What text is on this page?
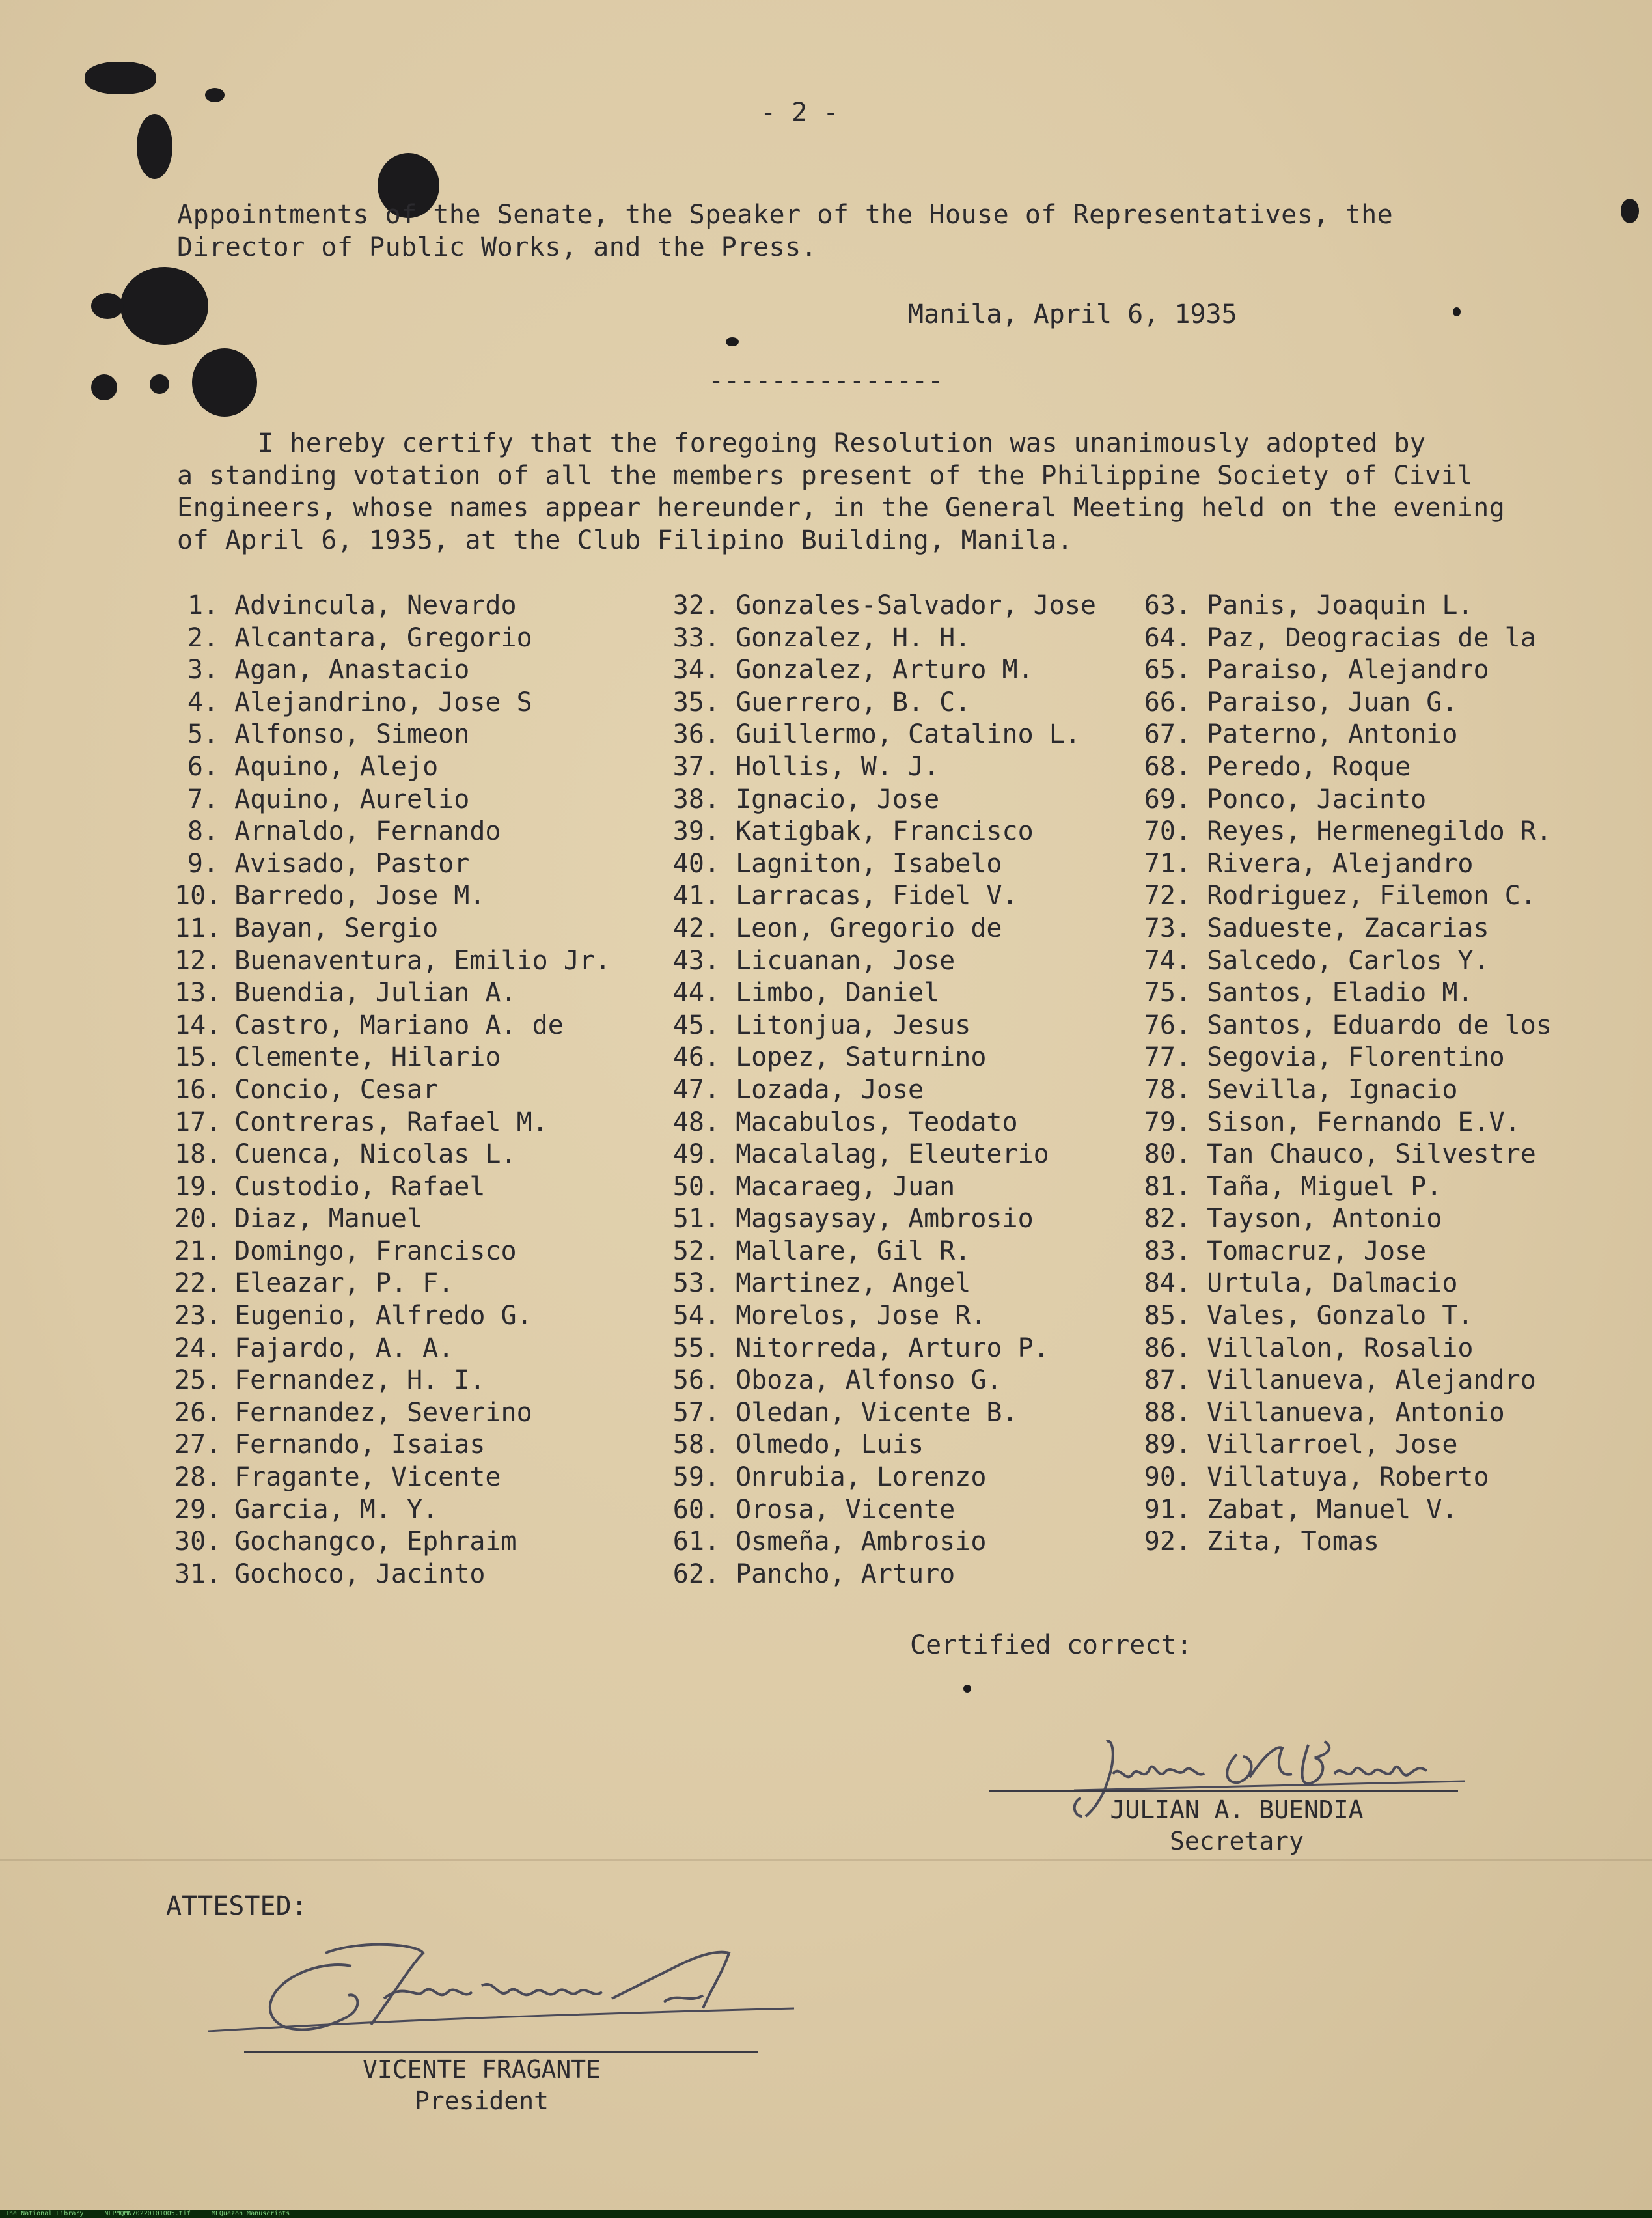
- 2 -
Appointments of the Senate, the Speaker of the House of Representatives, the
Director of Public Works, and the Press.
Manila, April 6, 1935
---------------
I hereby certify that the foregoing Resolution was unanimously adopted by
a standing votation of all the members present of the Philippine Society of Civil
Engineers, whose names appear hereunder, in the General Meeting held on the evening
of April 6, 1935, at the Club Filipino Building, Manila.
1. Advincula, Nevardo
2. Alcantara, Gregorio
3. Agan, Anastacio
4. Alejandrino, Jose S
5. Alfonso, Simeon
6. Aquino, Alejo
7. Aquino, Aurelio
8. Arnaldo, Fernando
9. Avisado, Pastor
10. Barredo, Jose M.
11. Bayan, Sergio
12. Buenaventura, Emilio Jr.
13. Buendia, Julian A.
14. Castro, Mariano A. de
15. Clemente, Hilario
16. Concio, Cesar
17. Contreras, Rafael M.
18. Cuenca, Nicolas L.
19. Custodio, Rafael
20. Diaz, Manuel
21. Domingo, Francisco
22. Eleazar, P. F.
23. Eugenio, Alfredo G.
24. Fajardo, A. A.
25. Fernandez, H. I.
26. Fernandez, Severino
27. Fernando, Isaias
28. Fragante, Vicente
29. Garcia, M. Y.
30. Gochangco, Ephraim
31. Gochoco, Jacinto
32. Gonzales-Salvador, Jose
33. Gonzalez, H. H.
34. Gonzalez, Arturo M.
35. Guerrero, B. C.
36. Guillermo, Catalino L.
37. Hollis, W. J.
38. Ignacio, Jose
39. Katigbak, Francisco
40. Lagniton, Isabelo
41. Larracas, Fidel V.
42. Leon, Gregorio de
43. Licuanan, Jose
44. Limbo, Daniel
45. Litonjua, Jesus
46. Lopez, Saturnino
47. Lozada, Jose
48. Macabulos, Teodato
49. Macalalag, Eleuterio
50. Macaraeg, Juan
51. Magsaysay, Ambrosio
52. Mallare, Gil R.
53. Martinez, Angel
54. Morelos, Jose R.
55. Nitorreda, Arturo P.
56. Oboza, Alfonso G.
57. Oledan, Vicente B.
58. Olmedo, Luis
59. Onrubia, Lorenzo
60. Orosa, Vicente
61. Osmeña, Ambrosio
62. Pancho, Arturo
63. Panis, Joaquin L.
64. Paz, Deogracias de la
65. Paraiso, Alejandro
66. Paraiso, Juan G.
67. Paterno, Antonio
68. Peredo, Roque
69. Ponco, Jacinto
70. Reyes, Hermenegildo R.
71. Rivera, Alejandro
72. Rodriguez, Filemon C.
73. Sadueste, Zacarias
74. Salcedo, Carlos Y.
75. Santos, Eladio M.
76. Santos, Eduardo de los
77. Segovia, Florentino
78. Sevilla, Ignacio
79. Sison, Fernando E.V.
80. Tan Chauco, Silvestre
81. Taña, Miguel P.
82. Tayson, Antonio
83. Tomacruz, Jose
84. Urtula, Dalmacio
85. Vales, Gonzalo T.
86. Villalon, Rosalio
87. Villanueva, Alejandro
88. Villanueva, Antonio
89. Villarroel, Jose
90. Villatuya, Roberto
91. Zabat, Manuel V.
92. Zita, Tomas
Certified correct:
JULIAN A. BUENDIA
Secretary
ATTESTED:
VICENTE FRAGANTE
President
The National Library	NLPMQMN70220101005.tif	MLQuezon Manuscripts
